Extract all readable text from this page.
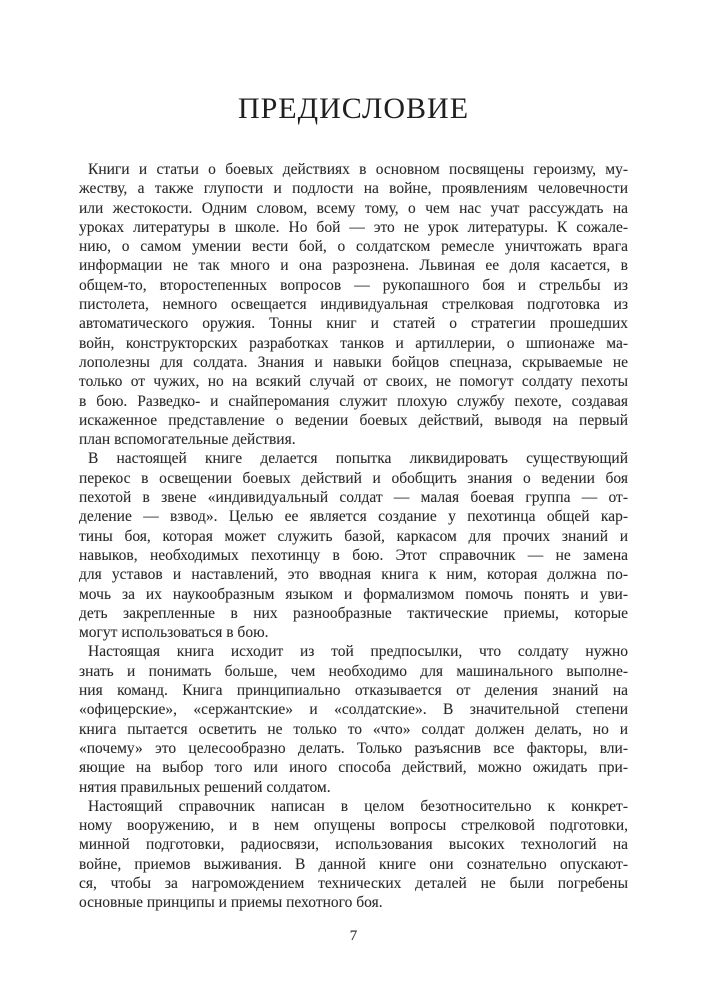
ПРЕДИСЛОВИЕ
Книги и статьи о боевых действиях в основном посвящены героизму, му-
жеству, а также глупости и подлости на войне, проявлениям человечности
или жестокости. Одним словом, всему тому, о чем нас учат рассуждать на
уроках литературы в школе. Но бой — это не урок литературы. К сожале-
нию, о самом умении вести бой, о солдатском ремесле уничтожать врага
информации не так много и она разрознена. Львиная ее доля касается, в
общем-то, второстепенных вопросов — рукопашного боя и стрельбы из
пистолета, немного освещается индивидуальная стрелковая подготовка из
автоматического оружия. Тонны книг и статей о стратегии прошедших
войн, конструкторских разработках танков и артиллерии, о шпионаже ма-
лополезны для солдата. Знания и навыки бойцов спецназа, скрываемые не
только от чужих, но на всякий случай от своих, не помогут солдату пехоты
в бою. Разведко- и снайперомания служит плохую службу пехоте, создавая
искаженное представление о ведении боевых действий, выводя на первый
план вспомогательные действия.
В настоящей книге делается попытка ликвидировать существующий
перекос в освещении боевых действий и обобщить знания о ведении боя
пехотой в звене «индивидуальный солдат — малая боевая группа — от-
деление — взвод». Целью ее является создание у пехотинца общей кар-
тины боя, которая может служить базой, каркасом для прочих знаний и
навыков, необходимых пехотинцу в бою. Этот справочник — не замена
для уставов и наставлений, это вводная книга к ним, которая должна по-
мочь за их наукообразным языком и формализмом помочь понять и уви-
деть закрепленные в них разнообразные тактические приемы, которые
могут использоваться в бою.
Настоящая книга исходит из той предпосылки, что солдату нужно
знать и понимать больше, чем необходимо для машинального выполне-
ния команд. Книга принципиально отказывается от деления знаний на
«офицерские», «сержантские» и «солдатские». В значительной степени
книга пытается осветить не только то «что» солдат должен делать, но и
«почему» это целесообразно делать. Только разъяснив все факторы, вли-
яющие на выбор того или иного способа действий, можно ожидать при-
нятия правильных решений солдатом.
Настоящий справочник написан в целом безотносительно к конкрет-
ному вооружению, и в нем опущены вопросы стрелковой подготовки,
минной подготовки, радиосвязи, использования высоких технологий на
войне, приемов выживания. В данной книге они сознательно опускают-
ся, чтобы за нагромождением технических деталей не были погребены
основные принципы и приемы пехотного боя.
7
